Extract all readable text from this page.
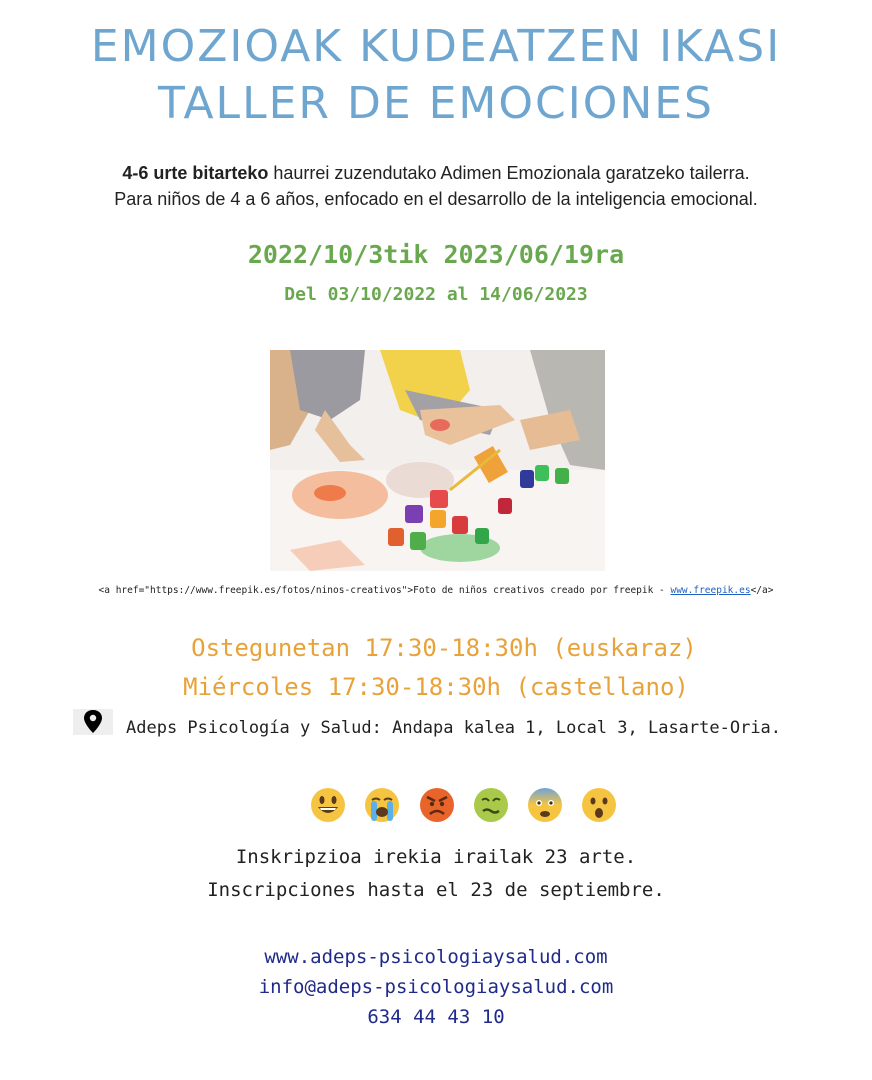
EMOZIOAK KUDEATZEN IKASI
TALLER DE EMOCIONES
4-6 urte bitarteko haurrei zuzendutako Adimen Emozionala garatzeko tailerra.
Para niños de 4 a 6 años, enfocado en el desarrollo de la inteligencia emocional.
2022/10/3tik 2023/06/19ra
Del 03/10/2022 al 14/06/2023
<a href="https://www.freepik.es/fotos/ninos-creativos">Foto de niños creativos creado por freepik - www.freepik.es</a>
Ostegunetan 17:30-18:30h (euskaraz)
Miércoles 17:30-18:30h (castellano)
Adeps Psicología y Salud: Andapa kalea 1, Local 3, Lasarte-Oria.
Inskripzioa irekia irailak 23 arte.
Inscripciones hasta el 23 de septiembre.
www.adeps-psicologiaysalud.com
info@adeps-psicologiaysalud.com
634 44 43 10
